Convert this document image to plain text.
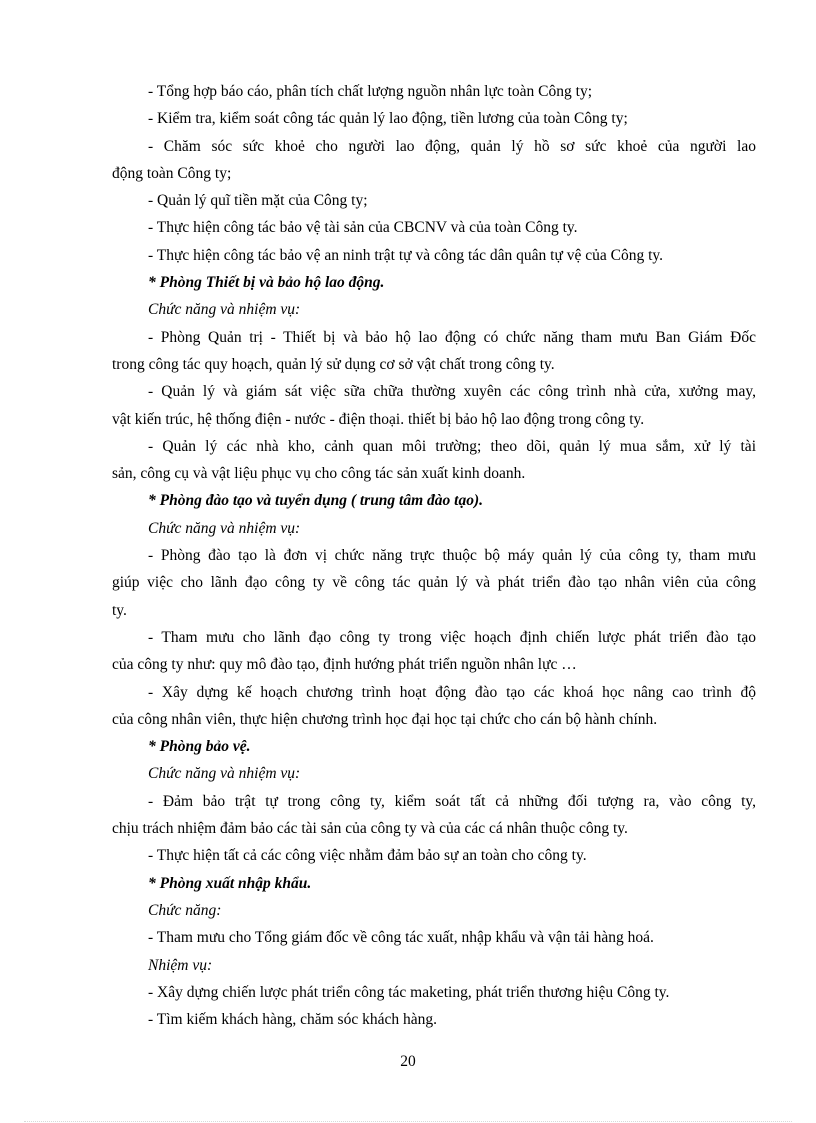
- Tổng hợp báo cáo, phân tích chất lượng nguồn nhân lực toàn Công ty;
- Kiểm tra, kiểm soát công tác quản lý lao động, tiền lương của toàn Công ty;
- Chăm sóc sức khoẻ cho người lao động, quản lý hồ sơ sức khoẻ của người lao
động toàn Công ty;
- Quản lý quĩ tiền mặt của Công ty;
- Thực hiện công tác bảo vệ tài sản của CBCNV và của toàn Công ty.
- Thực hiện công tác bảo vệ an ninh trật tự và công tác dân quân tự vệ của Công ty.
* Phòng Thiết bị và bảo hộ lao động.
Chức năng và nhiệm vụ:
- Phòng Quản trị - Thiết bị và bảo hộ lao động có chức năng tham mưu Ban Giám Đốc
trong công tác quy hoạch, quản lý sử dụng cơ sở vật chất trong công ty.
- Quản lý và giám sát việc sữa chữa thường xuyên các công trình nhà cửa, xưởng may,
vật kiến trúc, hệ thống điện - nước - điện thoại. thiết bị bảo hộ lao động trong công ty.
- Quản lý các nhà kho, cảnh quan môi trường; theo dõi, quản lý mua sắm, xử lý tài
sản, công cụ và vật liệu phục vụ cho công tác sản xuất kinh doanh.
* Phòng đào tạo và tuyển dụng ( trung tâm đào tạo).
Chức năng và nhiệm vụ:
- Phòng đào tạo là đơn vị chức năng trực thuộc bộ máy quản lý của công ty, tham mưu
giúp việc cho lãnh đạo công ty về công tác quản lý và phát triển đào tạo nhân viên của công
ty.
- Tham mưu cho lãnh đạo công ty trong việc hoạch định chiến lược phát triển đào tạo
của công ty như: quy mô đào tạo, định hướng phát triển nguồn nhân lực …
- Xây dựng kế hoạch chương trình hoạt động đào tạo các khoá học nâng cao trình độ
của công nhân viên, thực hiện chương trình học đại học tại chức cho cán bộ hành chính.
* Phòng bảo vệ.
Chức năng và nhiệm vụ:
- Đảm bảo trật tự trong công ty, kiểm soát tất cả những đối tượng ra, vào công ty,
chịu trách nhiệm đảm bảo các tài sản của công ty và của các cá nhân thuộc công ty.
- Thực hiện tất cả các công việc nhằm đảm bảo sự an toàn cho công ty.
* Phòng xuất nhập khẩu.
Chức năng:
- Tham mưu cho Tổng giám đốc về công tác xuất, nhập khẩu và vận tải hàng hoá.
Nhiệm vụ:
- Xây dựng chiến lược phát triển công tác maketing, phát triển thương hiệu Công ty.
- Tìm kiếm khách hàng, chăm sóc khách hàng.
20
